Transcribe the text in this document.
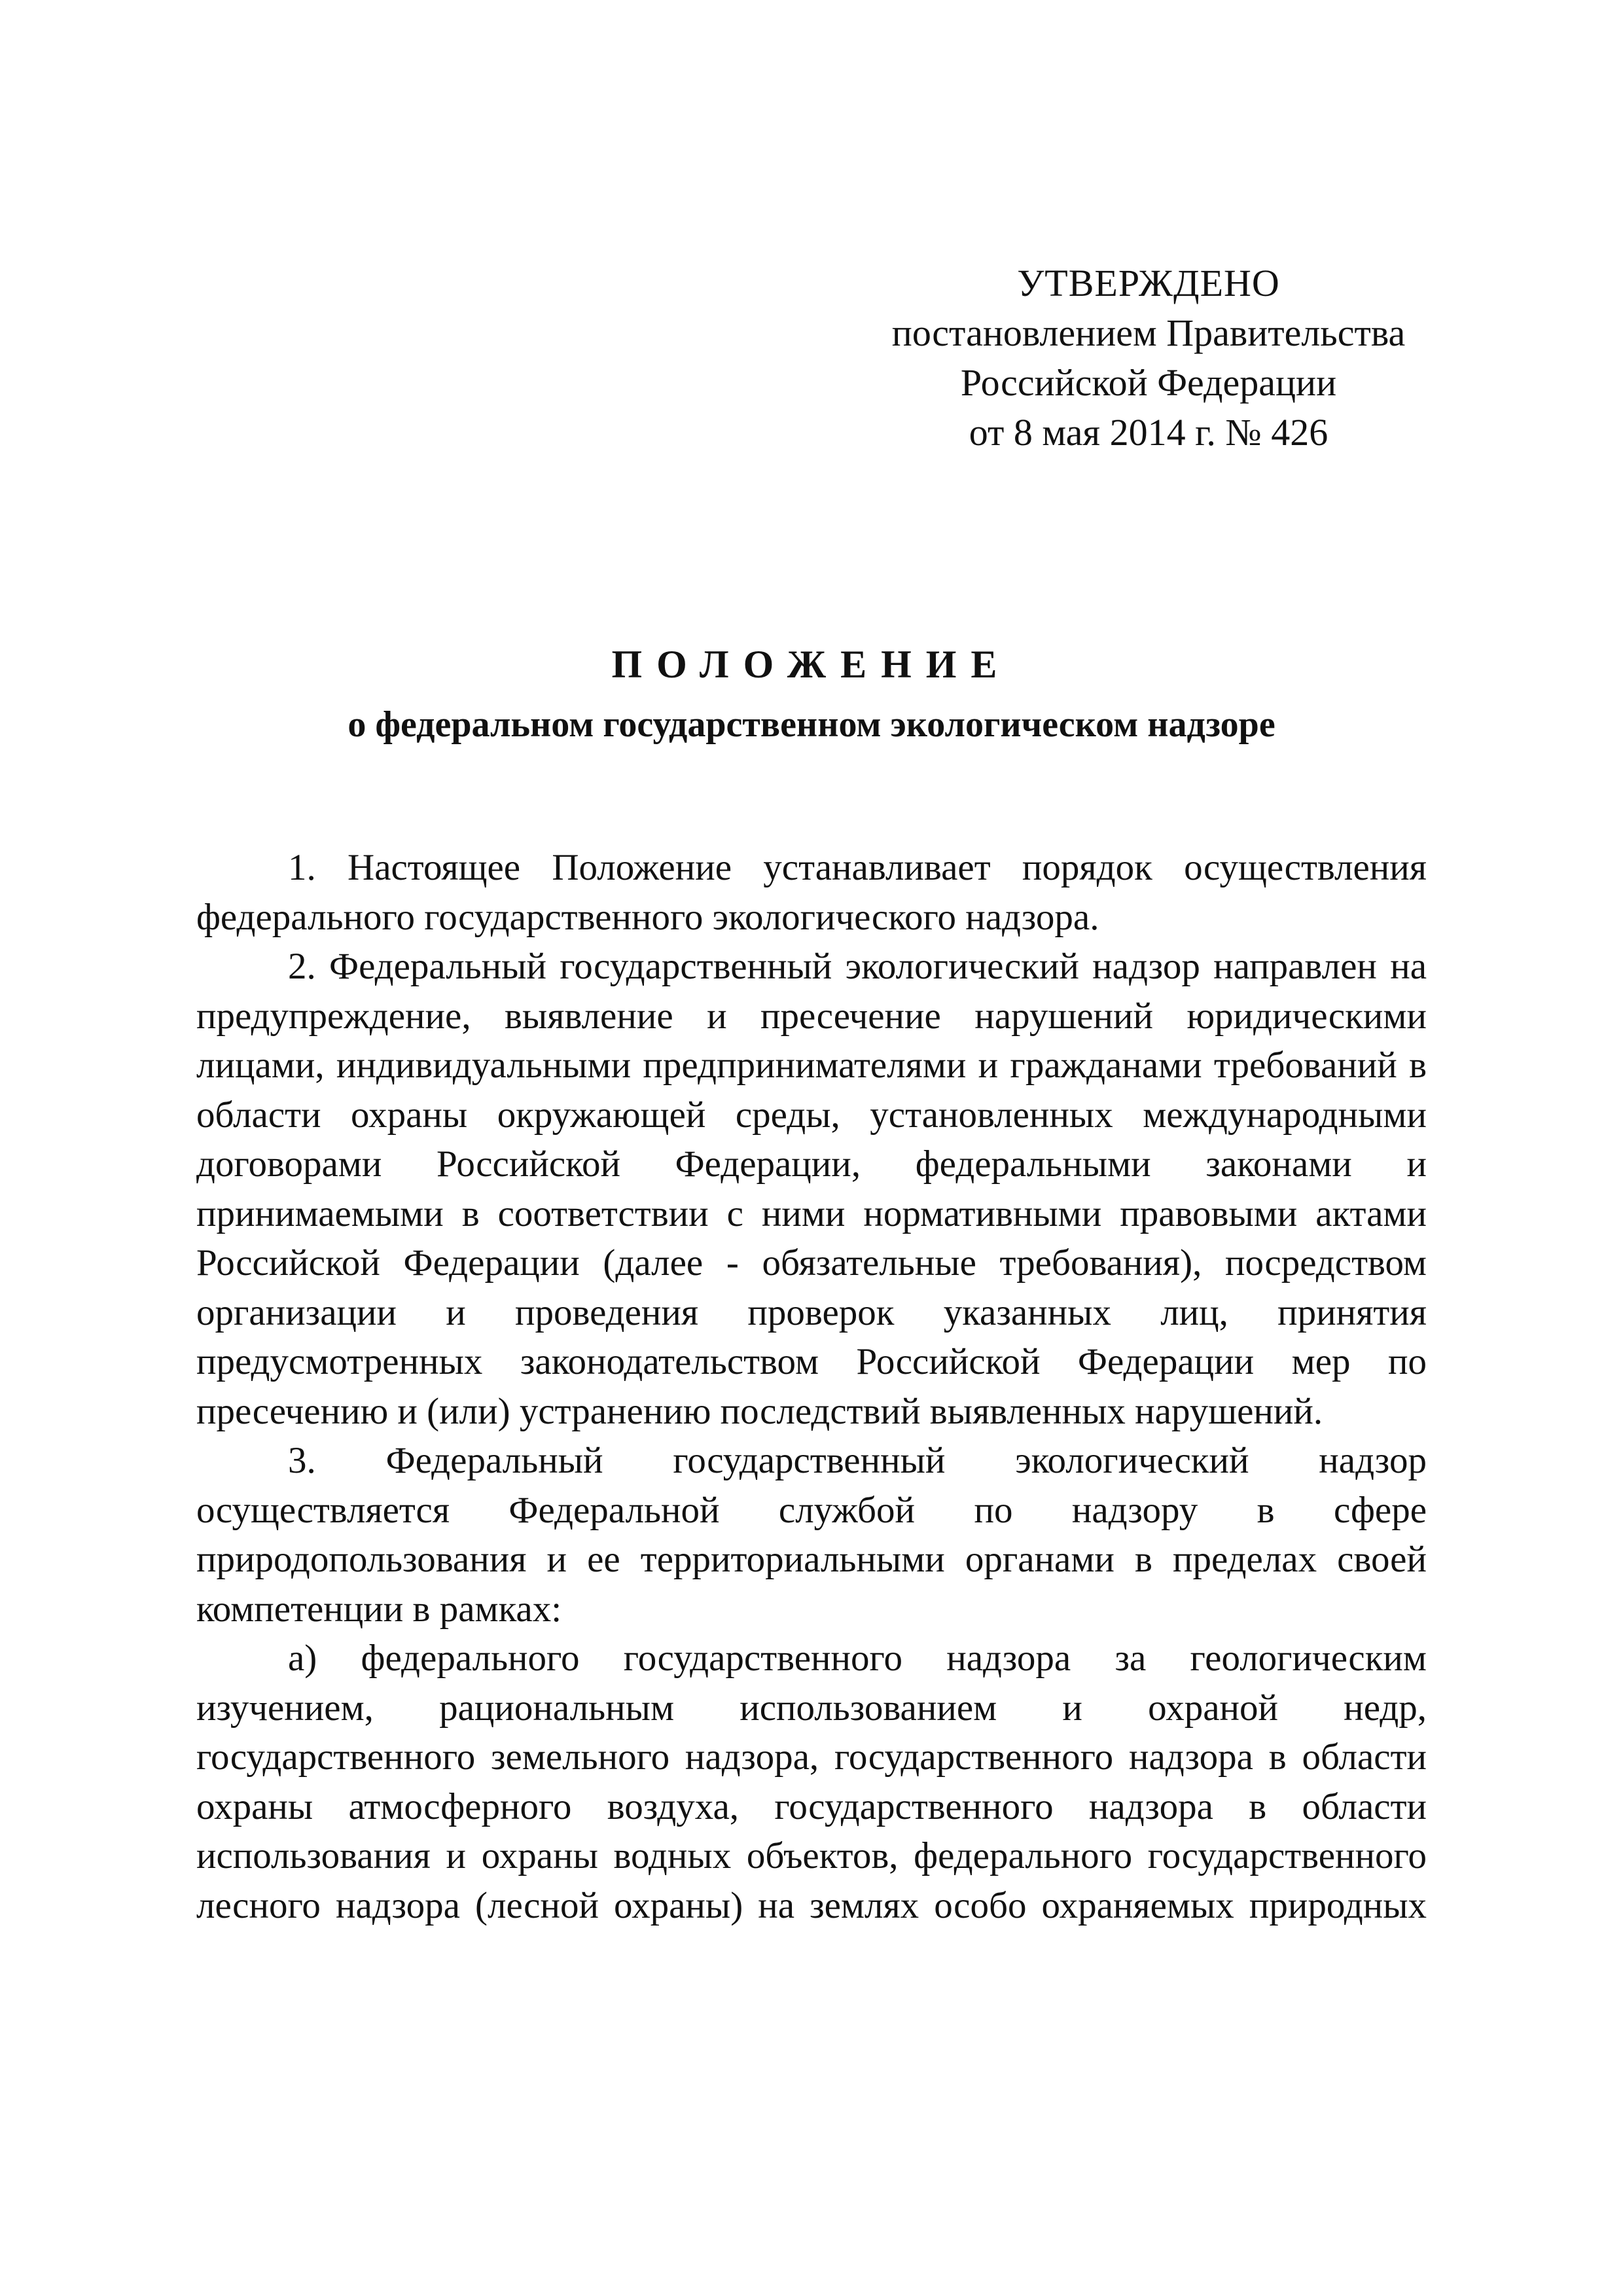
УТВЕРЖДЕНО
постановлением Правительства
Российской Федерации
от 8 мая 2014 г. № 426
ПОЛОЖЕНИЕ
о федеральном государственном экологическом надзоре

1. Настоящее Положение устанавливает порядок осуществления федерального государственного экологического надзора.

2. Федеральный государственный экологический надзор направлен на предупреждение, выявление и пресечение нарушений юридическими лицами, индивидуальными предпринимателями и гражданами требований в области охраны окружающей среды, установленных международными договорами Российской Федерации, федеральными законами и принимаемыми в соответствии с ними нормативными правовыми актами Российской Федерации (далее - обязательные требования), посредством организации и проведения проверок указанных лиц, принятия предусмотренных законодательством Российской Федерации мер по пресечению и (или) устранению последствий выявленных нарушений.

3. Федеральный государственный экологический надзор осуществляется Федеральной службой по надзору в сфере природопользования и ее территориальными органами в пределах своей компетенции в рамках:

а) федерального государственного надзора за геологическим изучением, рациональным использованием и охраной недр, государственного земельного надзора, государственного надзора в области охраны атмосферного воздуха, государственного надзора в области использования и охраны водных объектов, федерального государственного лесного надзора (лесной охраны) на землях особо охраняемых природных
